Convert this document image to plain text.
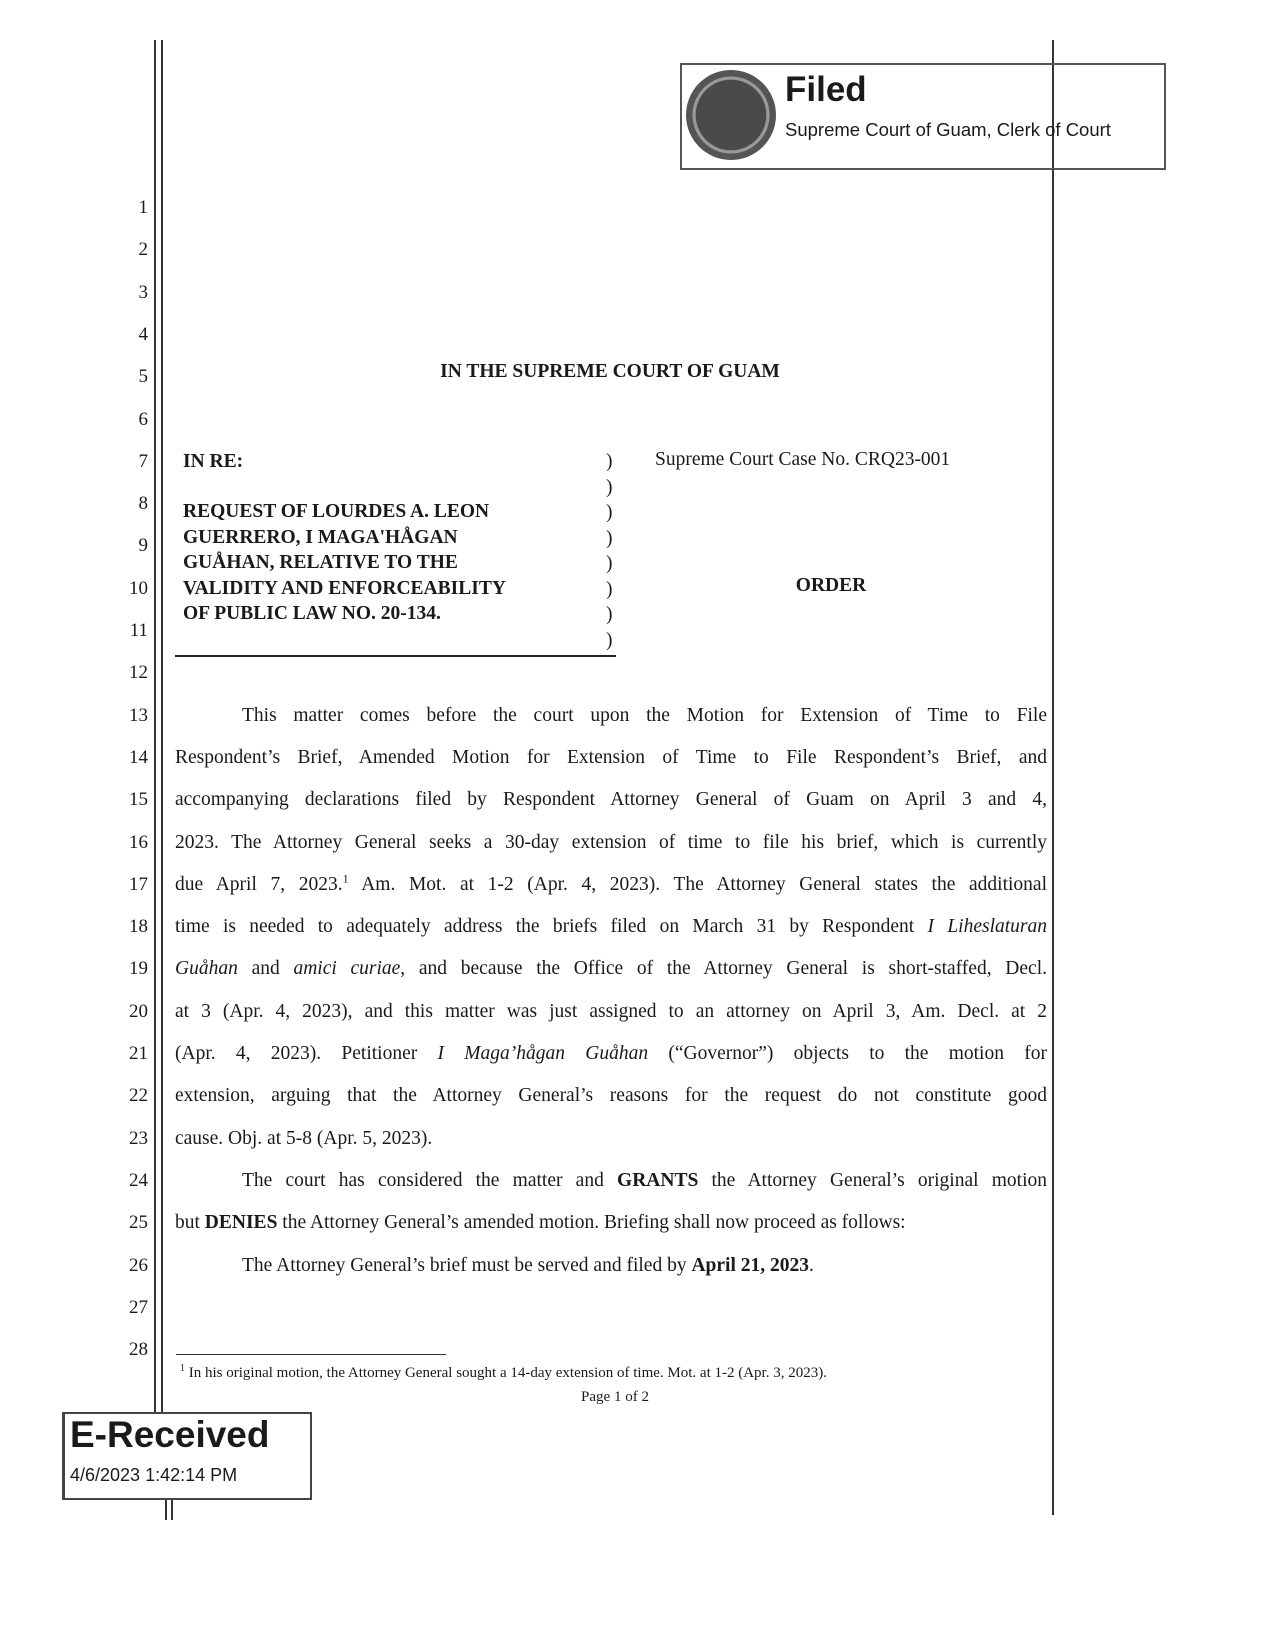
Filed
Supreme Court of Guam, Clerk of Court
1
2
3
4
5
6
7
8
9
10
11
12
13
14
15
16
17
18
19
20
21
22
23
24
25
26
27
28
IN THE SUPREME COURT OF GUAM
IN RE:
REQUEST OF LOURDES A. LEON
GUERRERO, I MAGA'HÅGAN
GUÅHAN, RELATIVE TO THE
VALIDITY AND ENFORCEABILITY
OF PUBLIC LAW NO. 20-134.
)
)
)
)
)
)
)
)
Supreme Court Case No. CRQ23-001
ORDER
This matter comes before the court upon the Motion for Extension of Time to File
Respondent’s Brief, Amended Motion for Extension of Time to File Respondent’s Brief, and
accompanying declarations filed by Respondent Attorney General of Guam on April 3 and 4,
2023. The Attorney General seeks a 30-day extension of time to file his brief, which is currently
due April 7, 2023.$^1$ Am. Mot. at 1-2 (Apr. 4, 2023). The Attorney General states the additional
time is needed to adequately address the briefs filed on March 31 by Respondent I Liheslaturan
Guåhan and amici curiae, and because the Office of the Attorney General is short-staffed, Decl.
at 3 (Apr. 4, 2023), and this matter was just assigned to an attorney on April 3, Am. Decl. at 2
(Apr. 4, 2023). Petitioner I Maga’hågan Guåhan (“Governor”) objects to the motion for
extension, arguing that the Attorney General’s reasons for the request do not constitute good
cause. Obj. at 5-8 (Apr. 5, 2023).
The court has considered the matter and GRANTS the Attorney General’s original motion
but DENIES the Attorney General’s amended motion. Briefing shall now proceed as follows:
The Attorney General’s brief must be served and filed by April 21, 2023.
$^1$ In his original motion, the Attorney General sought a 14-day extension of time. Mot. at 1-2 (Apr. 3, 2023).
Page 1 of 2
E-Received
4/6/2023 1:42:14 PM
